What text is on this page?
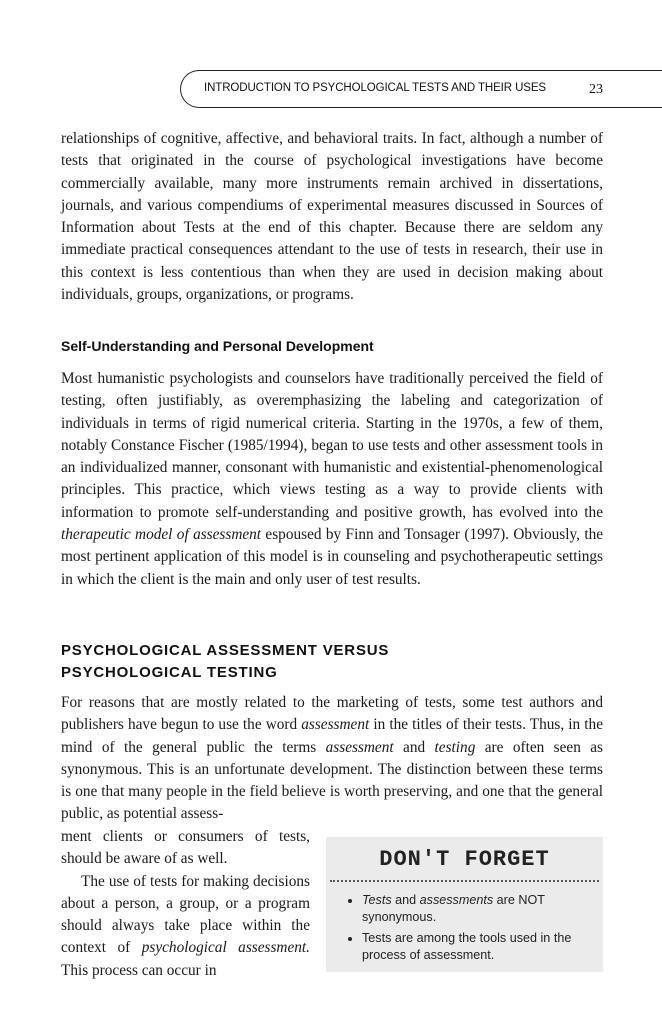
INTRODUCTION TO PSYCHOLOGICAL TESTS AND THEIR USES	23

relationships of cognitive, affective, and behavioral traits. In fact, although a number of tests that originated in the course of psychological investigations have become commercially available, many more instruments remain archived in dissertations, journals, and various compendiums of experimental measures discussed in Sources of Information about Tests at the end of this chapter. Because there are seldom any immediate practical consequences attendant to the use of tests in research, their use in this context is less contentious than when they are used in decision making about individuals, groups, organizations, or programs.

Self-Understanding and Personal Development

Most humanistic psychologists and counselors have traditionally perceived the field of testing, often justifiably, as overemphasizing the labeling and categorization of individuals in terms of rigid numerical criteria. Starting in the 1970s, a few of them, notably Constance Fischer (1985/1994), began to use tests and other assessment tools in an individualized manner, consonant with humanistic and existential-phenomenological principles. This practice, which views testing as a way to provide clients with information to promote self-understanding and positive growth, has evolved into the therapeutic model of assessment espoused by Finn and Tonsager (1997). Obviously, the most pertinent application of this model is in counseling and psychotherapeutic settings in which the client is the main and only user of test results.

PSYCHOLOGICAL ASSESSMENT VERSUS
PSYCHOLOGICAL TESTING

For reasons that are mostly related to the marketing of tests, some test authors and publishers have begun to use the word assessment in the titles of their tests. Thus, in the mind of the general public the terms assessment and testing are often seen as synonymous. This is an unfortunate development. The distinction between these terms is one that many people in the field believe is worth preserving, and one that the general public, as potential assess-

ment clients or consumers of tests, should be aware of as well.

The use of tests for making decisions about a person, a group, or a program should always take place within the context of psychological assessment. This process can occur in

DON'T FORGET
• Tests and assessments are NOT synonymous.
• Tests are among the tools used in the process of assessment.
